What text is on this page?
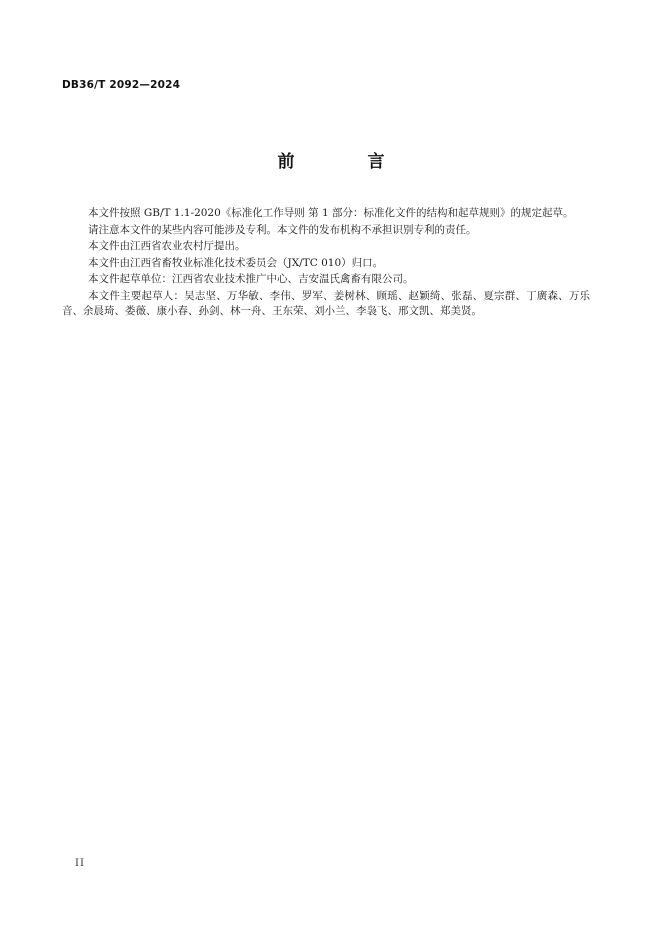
DB36/T 2092—2024
前　言

本文件按照 GB/T 1.1-2020《标准化工作导则 第 1 部分：标准化文件的结构和起草规则》的规定起草。

请注意本文件的某些内容可能涉及专利。本文件的发布机构不承担识别专利的责任。

本文件由江西省农业农村厅提出。

本文件由江西省畜牧业标准化技术委员会（JX/TC 010）归口。

本文件起草单位：江西省农业技术推广中心、吉安温氏禽畜有限公司。

本文件主要起草人：吴志坚、万华敏、李伟、罗军、姜树林、顾瑶、赵颖绮、张磊、夏宗群、丁廣森、万乐音、余晨琦、娄薇、康小春、孙剑、林一舟、王东荣、刘小兰、李袅飞、邢文凯、郑美贤。

II
